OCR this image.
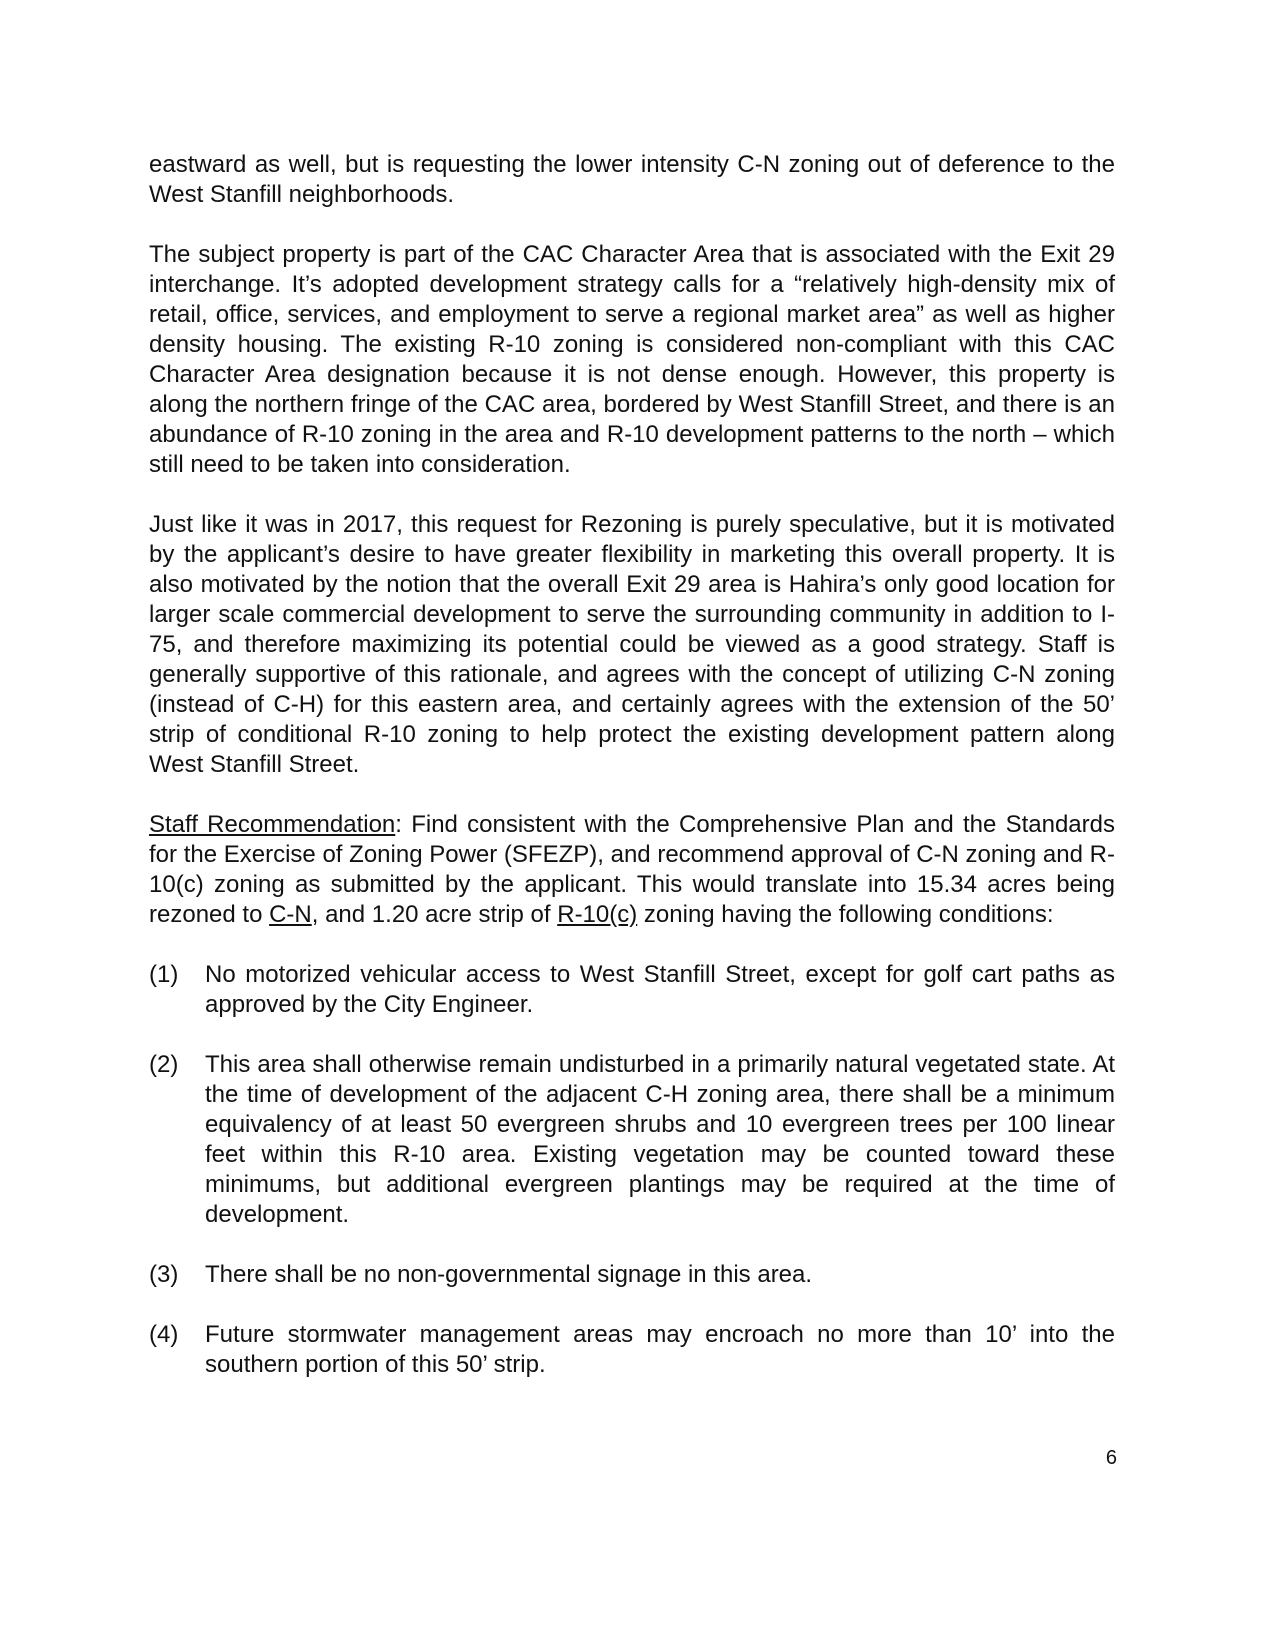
eastward as well, but is requesting the lower intensity C-N zoning out of deference to the West Stanfill neighborhoods.

The subject property is part of the CAC Character Area that is associated with the Exit 29 interchange. It’s adopted development strategy calls for a “relatively high-density mix of retail, office, services, and employment to serve a regional market area” as well as higher density housing. The existing R-10 zoning is considered non-compliant with this CAC Character Area designation because it is not dense enough. However, this property is along the northern fringe of the CAC area, bordered by West Stanfill Street, and there is an abundance of R-10 zoning in the area and R-10 development patterns to the north – which still need to be taken into consideration.

Just like it was in 2017, this request for Rezoning is purely speculative, but it is motivated by the applicant’s desire to have greater flexibility in marketing this overall property. It is also motivated by the notion that the overall Exit 29 area is Hahira’s only good location for larger scale commercial development to serve the surrounding community in addition to I-75, and therefore maximizing its potential could be viewed as a good strategy. Staff is generally supportive of this rationale, and agrees with the concept of utilizing C-N zoning (instead of C-H) for this eastern area, and certainly agrees with the extension of the 50’ strip of conditional R-10 zoning to help protect the existing development pattern along West Stanfill Street.

Staff Recommendation: Find consistent with the Comprehensive Plan and the Standards for the Exercise of Zoning Power (SFEZP), and recommend approval of C-N zoning and R-10(c) zoning as submitted by the applicant. This would translate into 15.34 acres being rezoned to C-N, and 1.20 acre strip of R-10(c) zoning having the following conditions:

(1)	No motorized vehicular access to West Stanfill Street, except for golf cart paths as approved by the City Engineer.
(2)	This area shall otherwise remain undisturbed in a primarily natural vegetated state. At the time of development of the adjacent C-H zoning area, there shall be a minimum equivalency of at least 50 evergreen shrubs and 10 evergreen trees per 100 linear feet within this R-10 area. Existing vegetation may be counted toward these minimums, but additional evergreen plantings may be required at the time of development.
(3)	There shall be no non-governmental signage in this area.
(4)	Future stormwater management areas may encroach no more than 10’ into the southern portion of this 50’ strip.
6
